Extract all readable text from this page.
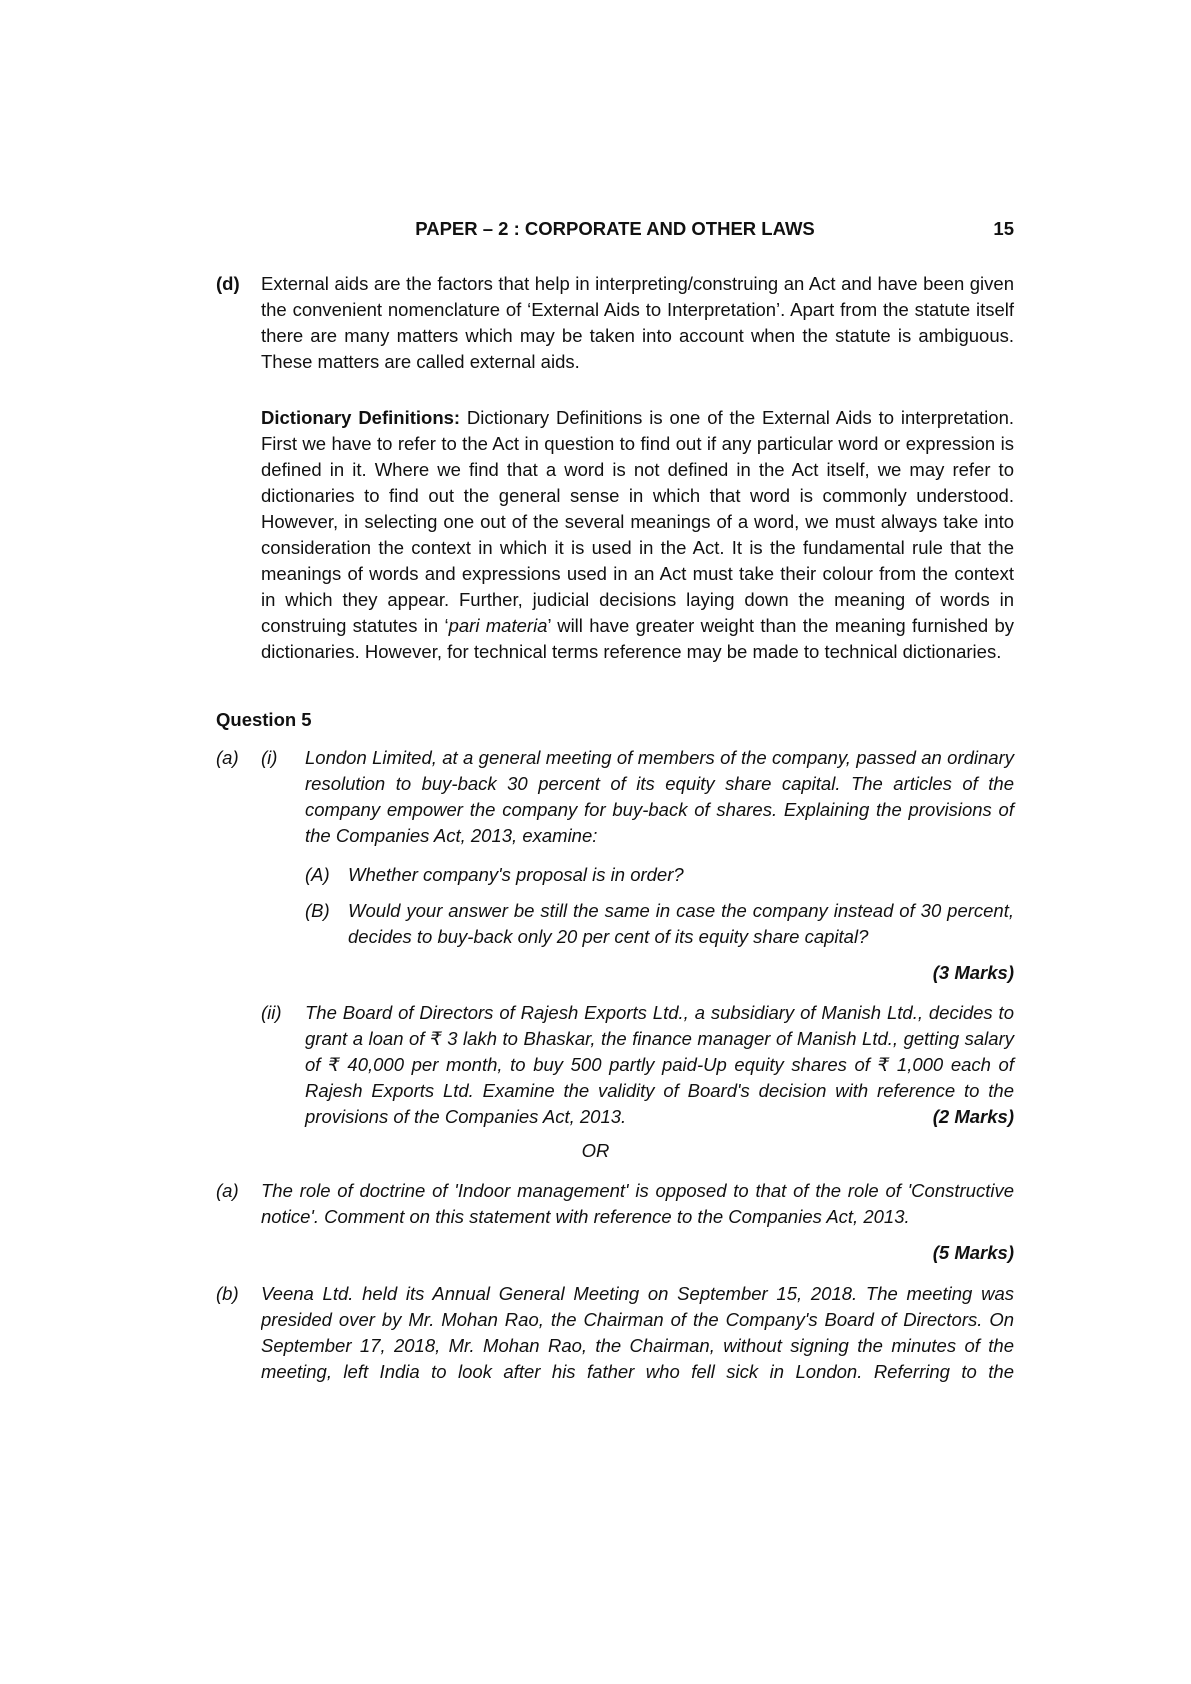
PAPER – 2 : CORPORATE AND OTHER LAWS	15
(d) External aids are the factors that help in interpreting/construing an Act and have been given the convenient nomenclature of ‘External Aids to Interpretation’. Apart from the statute itself there are many matters which may be taken into account when the statute is ambiguous. These matters are called external aids.
Dictionary Definitions: Dictionary Definitions is one of the External Aids to interpretation. First we have to refer to the Act in question to find out if any particular word or expression is defined in it. Where we find that a word is not defined in the Act itself, we may refer to dictionaries to find out the general sense in which that word is commonly understood. However, in selecting one out of the several meanings of a word, we must always take into consideration the context in which it is used in the Act. It is the fundamental rule that the meanings of words and expressions used in an Act must take their colour from the context in which they appear. Further, judicial decisions laying down the meaning of words in construing statutes in ‘pari materia’ will have greater weight than the meaning furnished by dictionaries. However, for technical terms reference may be made to technical dictionaries.
Question 5
(a) (i) London Limited, at a general meeting of members of the company, passed an ordinary resolution to buy-back 30 percent of its equity share capital. The articles of the company empower the company for buy-back of shares. Explaining the provisions of the Companies Act, 2013, examine:
(A) Whether company's proposal is in order?
(B) Would your answer be still the same in case the company instead of 30 percent, decides to buy-back only 20 per cent of its equity share capital?
(3 Marks)
(ii) The Board of Directors of Rajesh Exports Ltd., a subsidiary of Manish Ltd., decides to grant a loan of ₹ 3 lakh to Bhaskar, the finance manager of Manish Ltd., getting salary of ₹ 40,000 per month, to buy 500 partly paid-Up equity shares of ₹ 1,000 each of Rajesh Exports Ltd. Examine the validity of Board's decision with reference to the provisions of the Companies Act, 2013.	(2 Marks)
OR
(a) The role of doctrine of 'Indoor management' is opposed to that of the role of 'Constructive notice'. Comment on this statement with reference to the Companies Act, 2013.
(5 Marks)
(b) Veena Ltd. held its Annual General Meeting on September 15, 2018. The meeting was presided over by Mr. Mohan Rao, the Chairman of the Company's Board of Directors. On September 17, 2018, Mr. Mohan Rao, the Chairman, without signing the minutes of the meeting, left India to look after his father who fell sick in London. Referring to the
